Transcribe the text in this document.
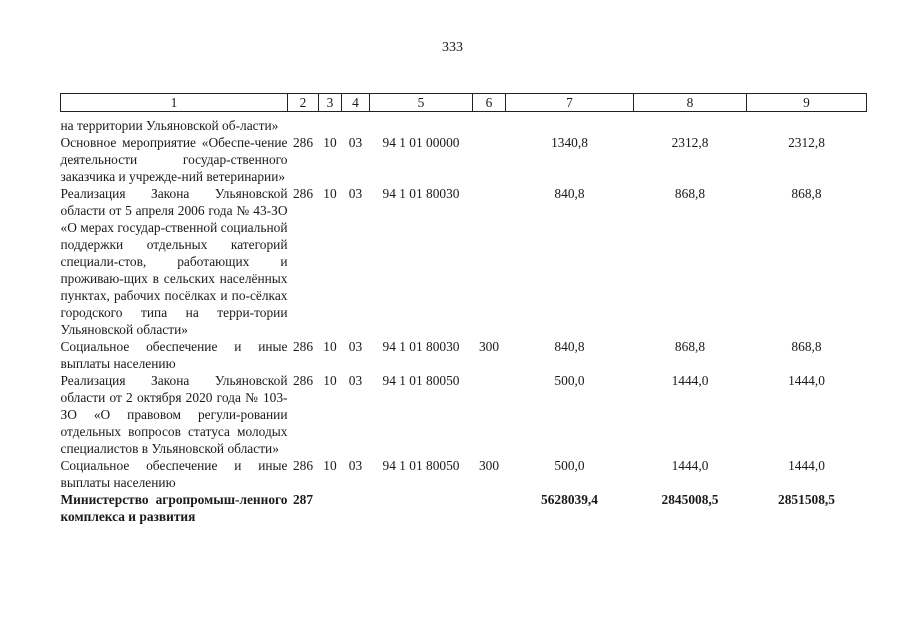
333
1	2	3	4	5	6	7	8	9

на территории Ульяновской об-ласти»								
Основное мероприятие «Обеспе-чение деятельности государ-ственного заказчика и учрежде-ний ветеринарии»	286	10	03	94 1 01 00000		1340,8	2312,8	2312,8
Реализация Закона Ульяновской области от 5 апреля 2006 года № 43-ЗО «О мерах государ-ственной социальной поддержки отдельных категорий специали-стов, работающих и проживаю-щих в сельских населённых пунктах, рабочих посёлках и по-сёлках городского типа на терри-тории Ульяновской области»	286	10	03	94 1 01 80030		840,8	868,8	868,8
Социальное обеспечение и иные выплаты населению	286	10	03	94 1 01 80030	300	840,8	868,8	868,8
Реализация Закона Ульяновской области от 2 октября 2020 года № 103-ЗО «О правовом регули-ровании отдельных вопросов статуса молодых специалистов в Ульяновской области»	286	10	03	94 1 01 80050		500,0	1444,0	1444,0
Социальное обеспечение и иные выплаты населению	286	10	03	94 1 01 80050	300	500,0	1444,0	1444,0
Министерство агропромыш-ленного комплекса и развития	287					5628039,4	2845008,5	2851508,5
